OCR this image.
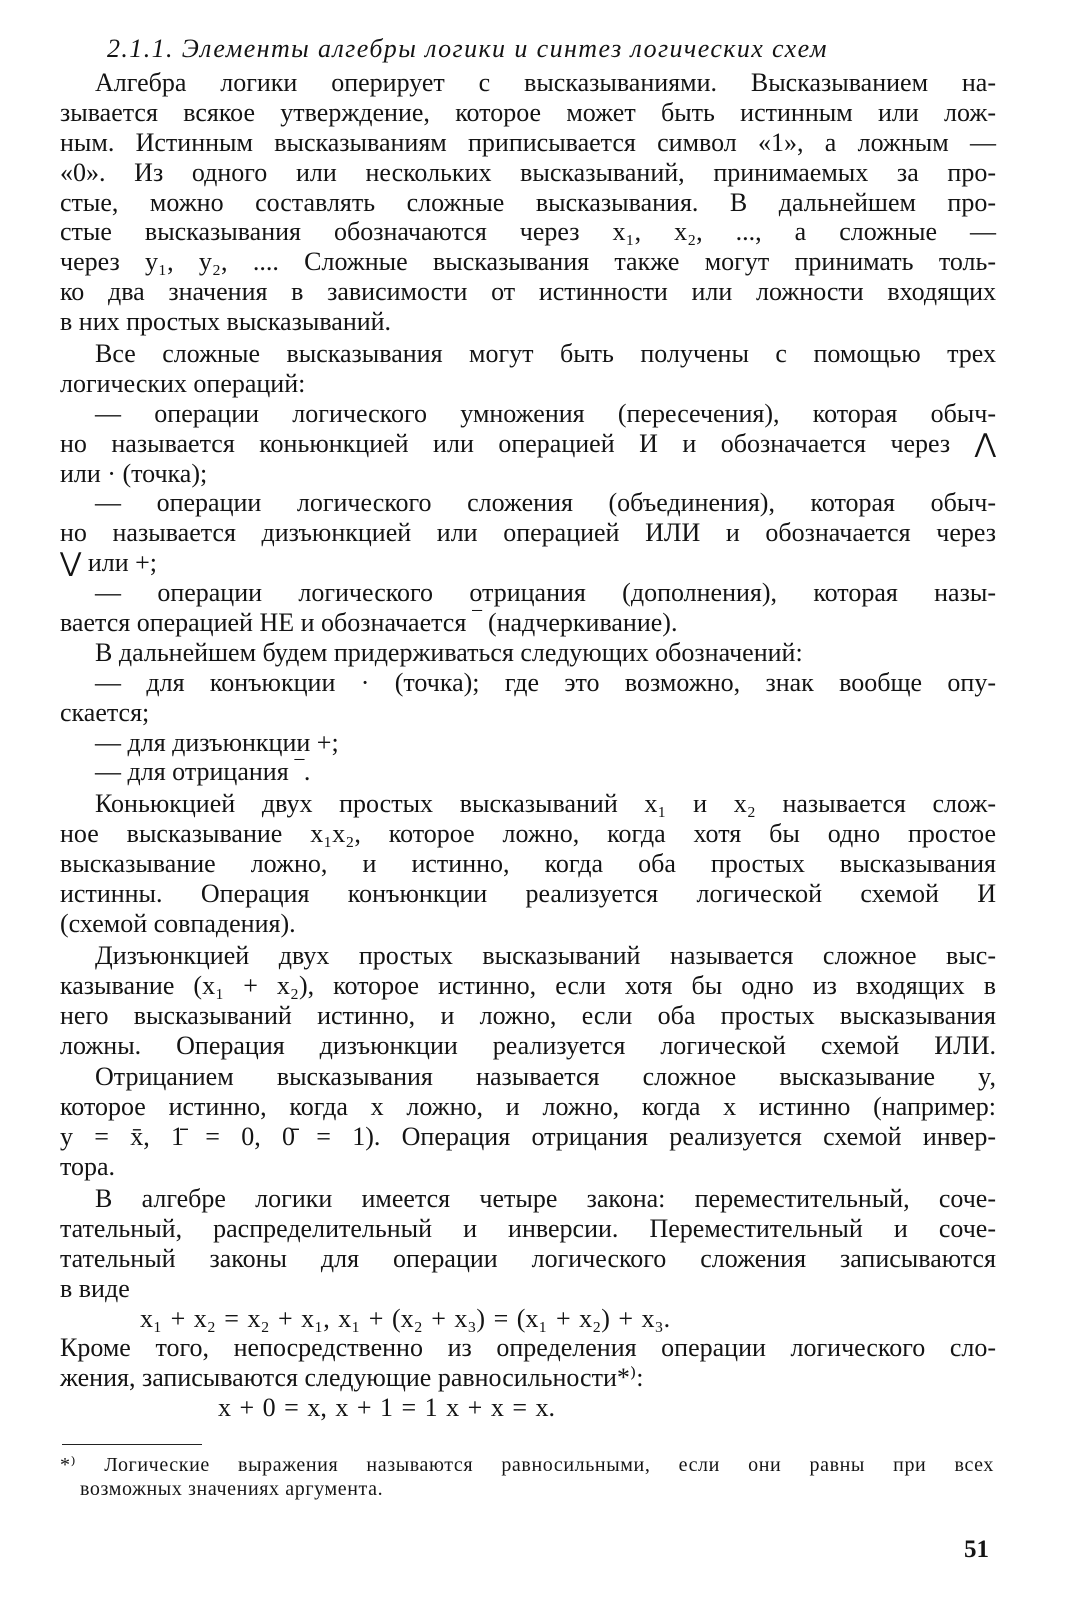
2.1.1. Элементы алгебры логики и синтез логических схем
Алгебра логики оперирует с высказываниями. Высказыванием на-
зывается всякое утверждение, которое может быть истинным или лож-
ным. Истинным высказываниям приписывается символ «1», а ложным —
«0». Из одного или нескольких высказываний, принимаемых за про-
стые, можно составлять сложные высказывания. В дальнейшем про-
стые высказывания обозначаются через x₁, x₂, ..., а сложные —
через y₁, y₂, .... Сложные высказывания также могут принимать толь-
ко два значения в зависимости от истинности или ложности входящих
в них простых высказываний.
Все сложные высказывания могут быть получены с помощью трех
логических операций:
— операции логического умножения (пересечения), которая обыч-
но называется коньюнкцией или операцией И и обозначается через ⋀
или · (точка);
— операции логического сложения (объединения), которая обыч-
но называется дизъюнкцией или операцией ИЛИ и обозначается через
⋁ или +;
— операции логического отрицания (дополнения), которая назы-
вается операцией НЕ и обозначается ‾ (надчеркивание).
В дальнейшем будем придерживаться следующих обозначений:
— для конъюкции · (точка); где это возможно, знак вообще опу-
скается;
— для дизъюнкции +;
— для отрицания ‾.
Коньюкцией двух простых высказываний x₁ и x₂ называется слож-
ное высказывание x₁x₂, которое ложно, когда хотя бы одно простое
высказывание ложно, и истинно, когда оба простых высказывания
истинны. Операция конъюнкции реализуется логической схемой И
(схемой совпадения).
Дизъюнкцией двух простых высказываний называется сложное выс-
казывание (x₁ + x₂), которое истинно, если хотя бы одно из входящих в
него высказываний истинно, и ложно, если оба простых высказывания
ложны. Операция дизъюнкции реализуется логической схемой ИЛИ.
Отрицанием высказывания называется сложное высказывание y,
которое истинно, когда x ложно, и ложно, когда x истинно (например:
y = x̄, 1̄ = 0, 0̄ = 1). Операция отрицания реализуется схемой инвер-
тора.
В алгебре логики имеется четыре закона: переместительный, соче-
тательный, распределительный и инверсии. Переместительный и соче-
тательный законы для операции логического сложения записываются
в виде
x₁ + x₂ = x₂ + x₁, x₁ + (x₂ + x₃) = (x₁ + x₂) + x₃.
Кроме того, непосредственно из определения операции логического сло-
жения, записываются следующие равносильности*⁾:
x + 0 = x, x + 1 = 1 x + x = x.
*⁾ Логические выражения называются равносильными, если они равны при всех
возможных значениях аргумента.
51
